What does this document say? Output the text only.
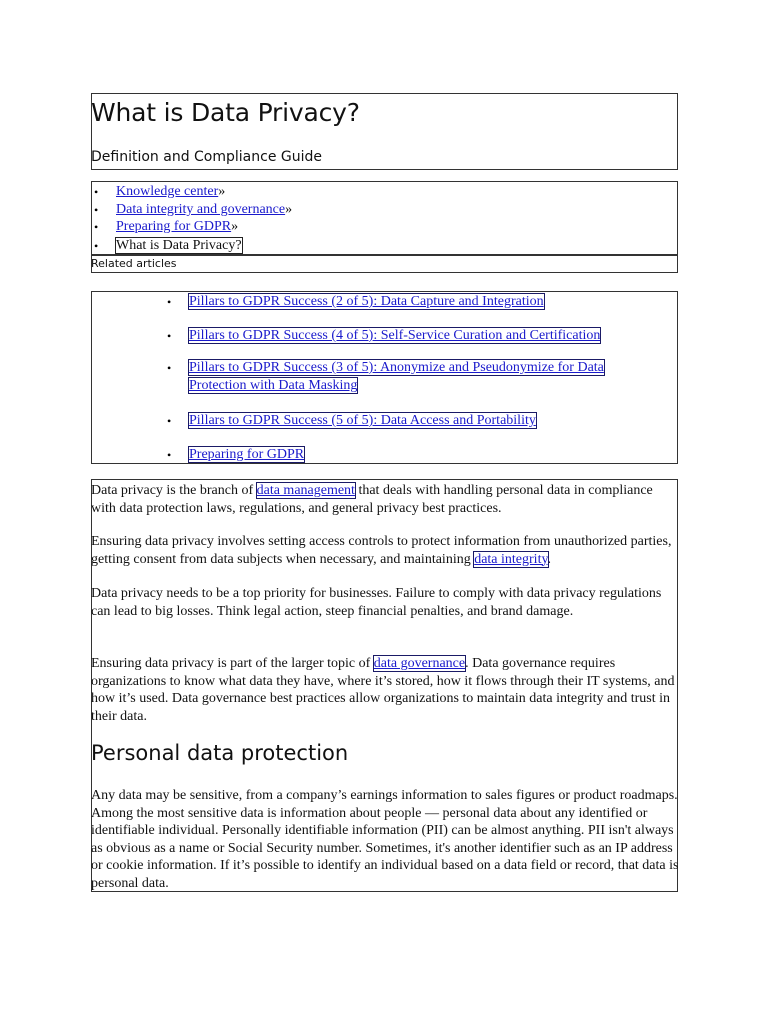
What is Data Privacy?
Definition and Compliance Guide
• Knowledge center»
• Data integrity and governance»
• Preparing for GDPR»
• What is Data Privacy?
Related articles
• Pillars to GDPR Success (2 of 5): Data Capture and Integration
• Pillars to GDPR Success (4 of 5): Self-Service Curation and Certification
• Pillars to GDPR Success (3 of 5): Anonymize and Pseudonymize for Data Protection with Data Masking
• Pillars to GDPR Success (5 of 5): Data Access and Portability
• Preparing for GDPR
Data privacy is the branch of data management that deals with handling personal data in compliance with data protection laws, regulations, and general privacy best practices.
Ensuring data privacy involves setting access controls to protect information from unauthorized parties, getting consent from data subjects when necessary, and maintaining data integrity.
Data privacy needs to be a top priority for businesses. Failure to comply with data privacy regulations can lead to big losses. Think legal action, steep financial penalties, and brand damage.
Ensuring data privacy is part of the larger topic of data governance. Data governance requires organizations to know what data they have, where it’s stored, how it flows through their IT systems, and how it’s used. Data governance best practices allow organizations to maintain data integrity and trust in their data.
Personal data protection
Any data may be sensitive, from a company’s earnings information to sales figures or product roadmaps. Among the most sensitive data is information about people — personal data about any identified or identifiable individual. Personally identifiable information (PII) can be almost anything. PII isn't always as obvious as a name or Social Security number. Sometimes, it's another identifier such as an IP address or cookie information. If it’s possible to identify an individual based on a data field or record, that data is personal data.
